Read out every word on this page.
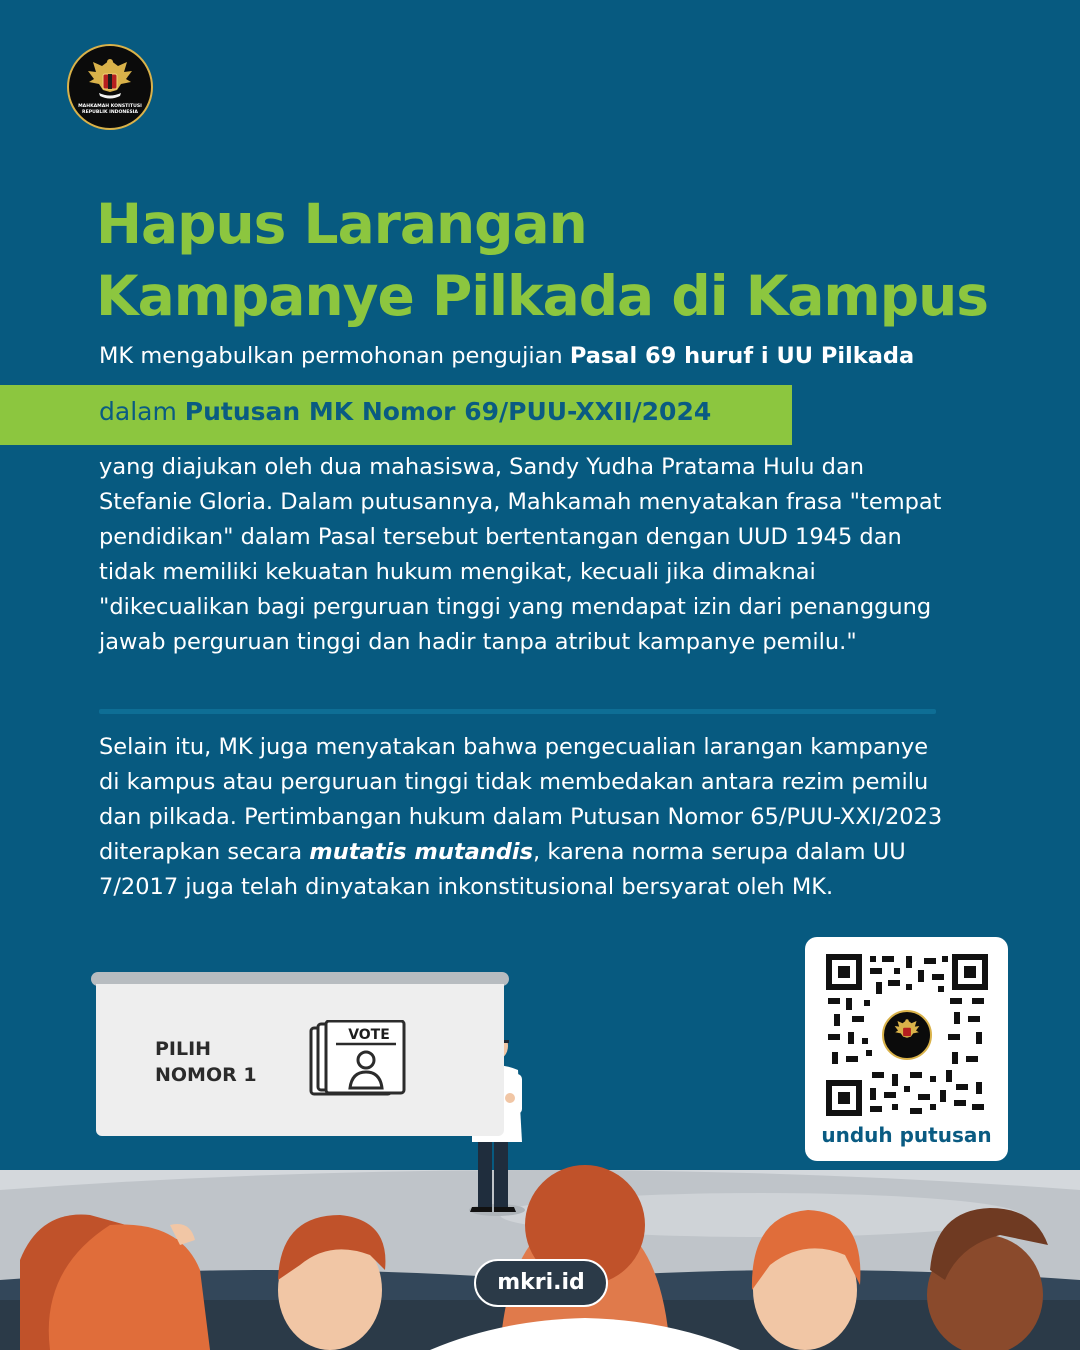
MAHKAMAH KONSTITUSI
REPUBLIK INDONESIA
Hapus Larangan
Kampanye Pilkada di Kampus
MK mengabulkan permohonan pengujian Pasal 69 huruf i UU Pilkada
dalam Putusan MK Nomor 69/PUU-XXII/2024

yang diajukan oleh dua mahasiswa, Sandy Yudha Pratama Hulu dan Stefanie Gloria. Dalam putusannya, Mahkamah menyatakan frasa "tempat pendidikan" dalam Pasal tersebut bertentangan dengan UUD 1945 dan tidak memiliki kekuatan hukum mengikat, kecuali jika dimaknai "dikecualikan bagi perguruan tinggi yang mendapat izin dari penanggung jawab perguruan tinggi dan hadir tanpa atribut kampanye pemilu."

Selain itu, MK juga menyatakan bahwa pengecualian larangan kampanye di kampus atau perguruan tinggi tidak membedakan antara rezim pemilu dan pilkada. Pertimbangan hukum dalam Putusan Nomor 65/PUU-XXI/2023 diterapkan secara mutatis mutandis, karena norma serupa dalam UU 7/2017 juga telah dinyatakan inkonstitusional bersyarat oleh MK.

PILIH
NOMOR 1
VOTE
unduh putusan
mkri.id
